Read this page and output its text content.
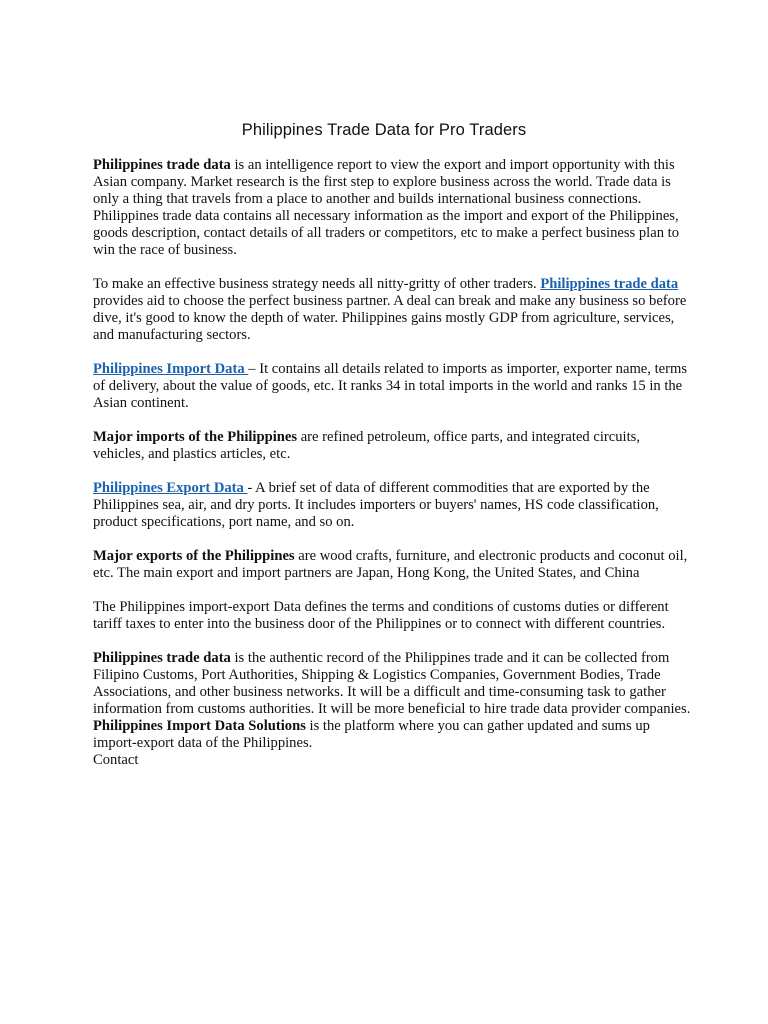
Philippines Trade Data for Pro Traders

Philippines trade data is an intelligence report to view the export and import opportunity with this Asian company. Market research is the first step to explore business across the world. Trade data is only a thing that travels from a place to another and builds international business connections. Philippines trade data contains all necessary information as the import and export of the Philippines, goods description, contact details of all traders or competitors, etc to make a perfect business plan to win the race of business.

To make an effective business strategy needs all nitty-gritty of other traders. Philippines trade data provides aid to choose the perfect business partner. A deal can break and make any business so before dive, it's good to know the depth of water. Philippines gains mostly GDP from agriculture, services, and manufacturing sectors.

Philippines Import Data – It contains all details related to imports as importer, exporter name, terms of delivery, about the value of goods, etc. It ranks 34 in total imports in the world and ranks 15 in the Asian continent.

Major imports of the Philippines are refined petroleum, office parts, and integrated circuits, vehicles, and plastics articles, etc.

Philippines Export Data - A brief set of data of different commodities that are exported by the Philippines sea, air, and dry ports. It includes importers or buyers' names, HS code classification, product specifications, port name, and so on.

Major exports of the Philippines are wood crafts, furniture, and electronic products and coconut oil, etc. The main export and import partners are Japan, Hong Kong, the United States, and China

The Philippines import-export Data defines the terms and conditions of customs duties or different tariff taxes to enter into the business door of the Philippines or to connect with different countries.

Philippines trade data is the authentic record of the Philippines trade and it can be collected from Filipino Customs, Port Authorities, Shipping & Logistics Companies, Government Bodies, Trade Associations, and other business networks. It will be a difficult and time-consuming task to gather information from customs authorities. It will be more beneficial to hire trade data provider companies. Philippines Import Data Solutions is the platform where you can gather updated and sums up import-export data of the Philippines.

Contact
